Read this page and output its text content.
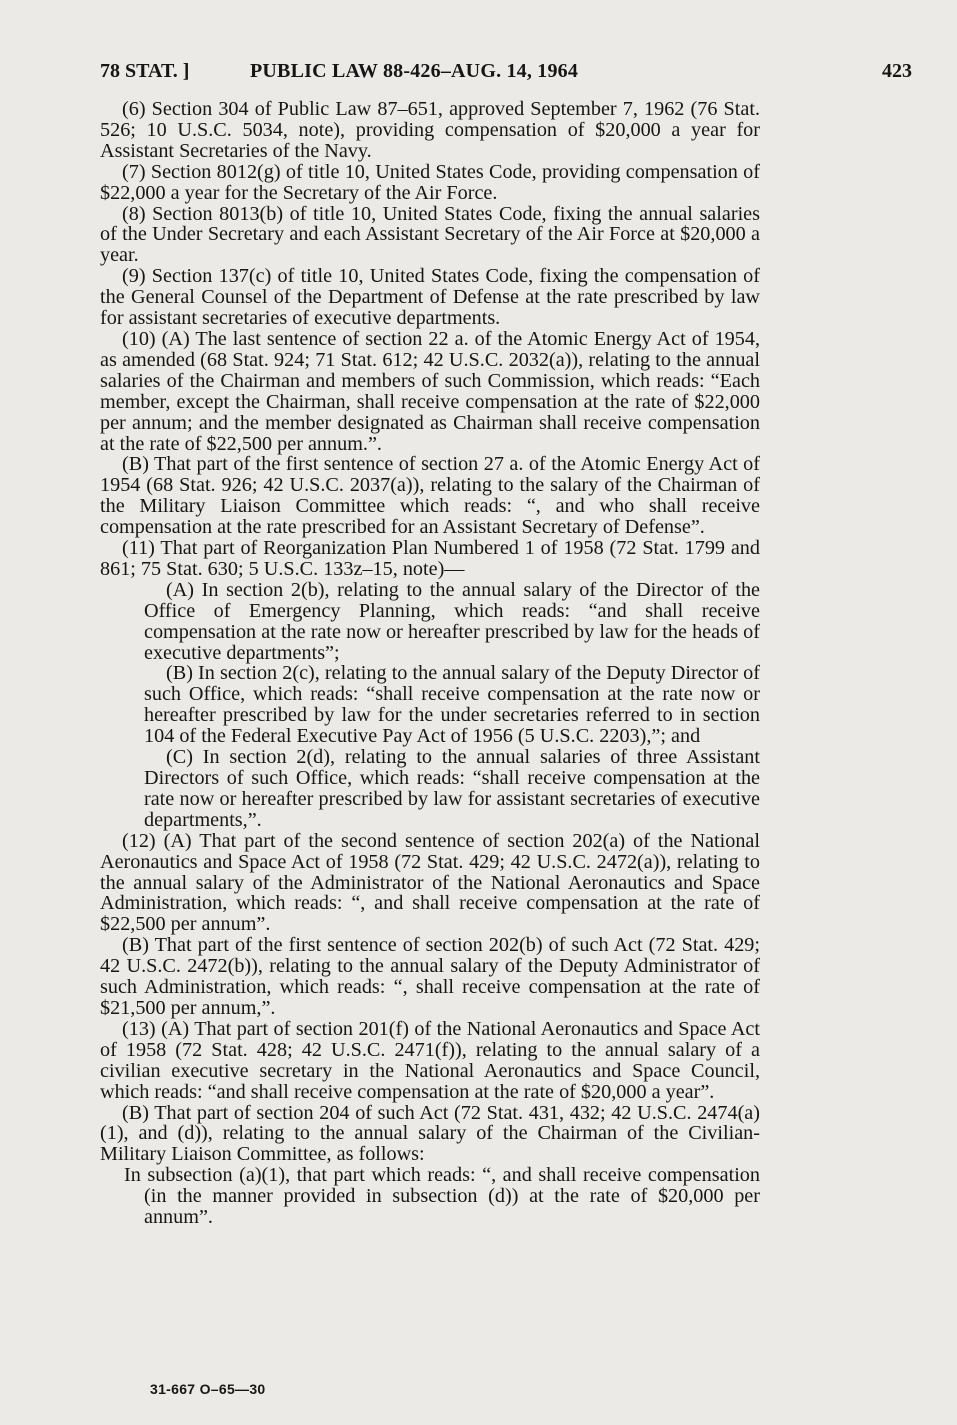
78 STAT. ]	PUBLIC LAW 88-426–AUG. 14, 1964	423

(6) Section 304 of Public Law 87–651, approved September 7, 1962 (76 Stat. 526; 10 U.S.C. 5034, note), providing compensation of $20,000 a year for Assistant Secretaries of the Navy.

(7) Section 8012(g) of title 10, United States Code, providing compensation of $22,000 a year for the Secretary of the Air Force.

(8) Section 8013(b) of title 10, United States Code, fixing the annual salaries of the Under Secretary and each Assistant Secretary of the Air Force at $20,000 a year.

(9) Section 137(c) of title 10, United States Code, fixing the compensation of the General Counsel of the Department of Defense at the rate prescribed by law for assistant secretaries of executive departments.

(10) (A) The last sentence of section 22 a. of the Atomic Energy Act of 1954, as amended (68 Stat. 924; 71 Stat. 612; 42 U.S.C. 2032(a)), relating to the annual salaries of the Chairman and members of such Commission, which reads: “Each member, except the Chairman, shall receive compensation at the rate of $22,000 per annum; and the member designated as Chairman shall receive compensation at the rate of $22,500 per annum.”.

(B) That part of the first sentence of section 27 a. of the Atomic Energy Act of 1954 (68 Stat. 926; 42 U.S.C. 2037(a)), relating to the salary of the Chairman of the Military Liaison Committee which reads: “, and who shall receive compensation at the rate prescribed for an Assistant Secretary of Defense”.

(11) That part of Reorganization Plan Numbered 1 of 1958 (72 Stat. 1799 and 861; 75 Stat. 630; 5 U.S.C. 133z–15, note)—

(A) In section 2(b), relating to the annual salary of the Director of the Office of Emergency Planning, which reads: “and shall receive compensation at the rate now or hereafter prescribed by law for the heads of executive departments”;

(B) In section 2(c), relating to the annual salary of the Deputy Director of such Office, which reads: “shall receive compensation at the rate now or hereafter prescribed by law for the under secretaries referred to in section 104 of the Federal Executive Pay Act of 1956 (5 U.S.C. 2203),”; and

(C) In section 2(d), relating to the annual salaries of three Assistant Directors of such Office, which reads: “shall receive compensation at the rate now or hereafter prescribed by law for assistant secretaries of executive departments,”.

(12) (A) That part of the second sentence of section 202(a) of the National Aeronautics and Space Act of 1958 (72 Stat. 429; 42 U.S.C. 2472(a)), relating to the annual salary of the Administrator of the National Aeronautics and Space Administration, which reads: “, and shall receive compensation at the rate of $22,500 per annum”.

(B) That part of the first sentence of section 202(b) of such Act (72 Stat. 429; 42 U.S.C. 2472(b)), relating to the annual salary of the Deputy Administrator of such Administration, which reads: “, shall receive compensation at the rate of $21,500 per annum,”.

(13) (A) That part of section 201(f) of the National Aeronautics and Space Act of 1958 (72 Stat. 428; 42 U.S.C. 2471(f)), relating to the annual salary of a civilian executive secretary in the National Aeronautics and Space Council, which reads: “and shall receive compensation at the rate of $20,000 a year”.

(B) That part of section 204 of such Act (72 Stat. 431, 432; 42 U.S.C. 2474(a)(1), and (d)), relating to the annual salary of the Chairman of the Civilian-Military Liaison Committee, as follows:

In subsection (a)(1), that part which reads: “, and shall receive compensation (in the manner provided in subsection (d)) at the rate of $20,000 per annum”.

31-667 O–65—30
